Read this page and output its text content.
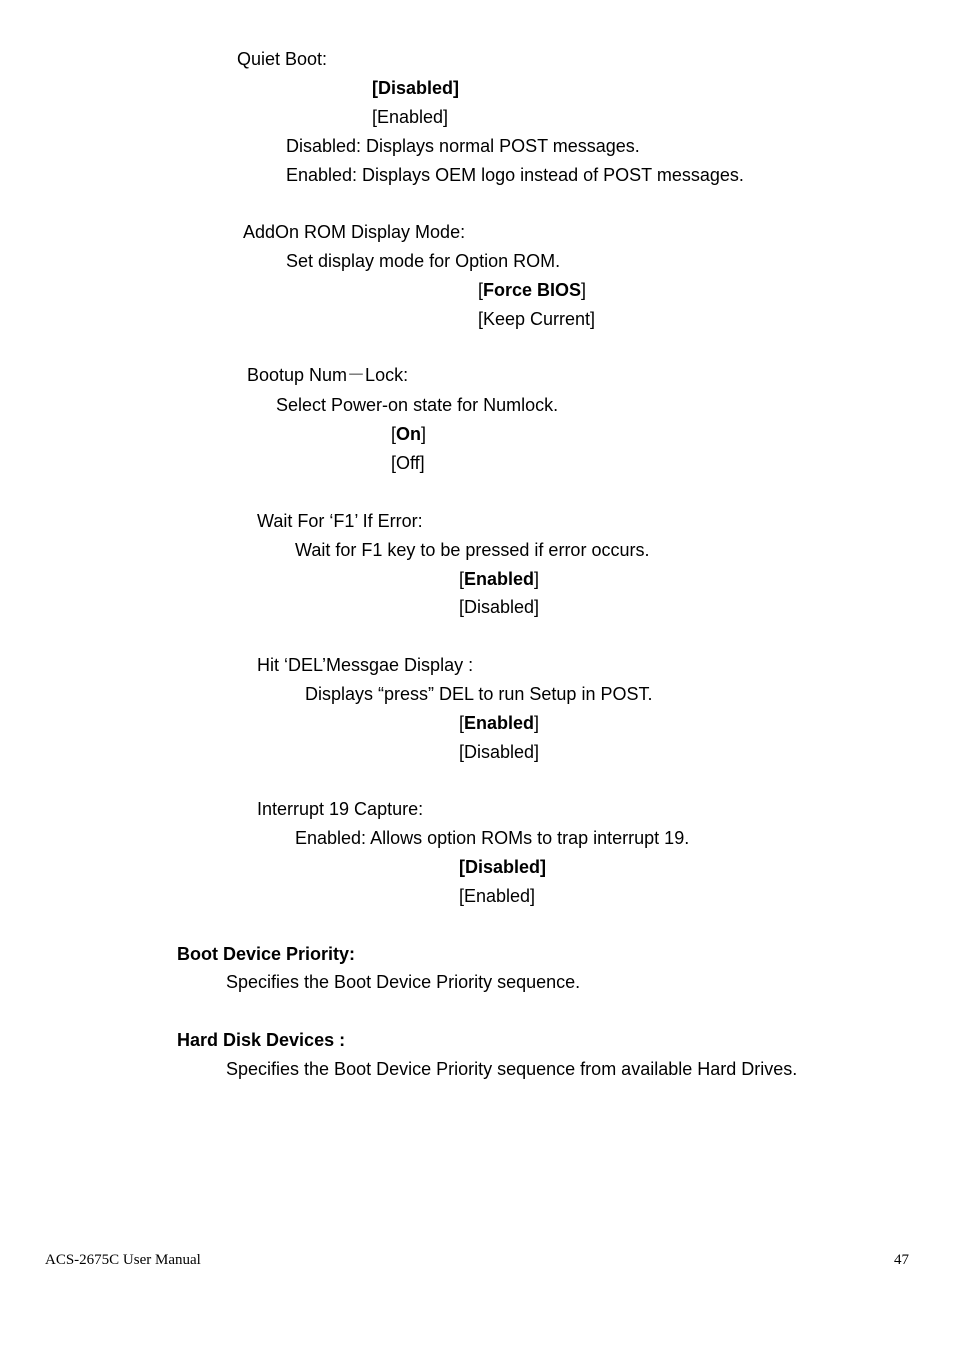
Quiet Boot:
[Disabled]
[Enabled]
Disabled: Displays normal POST messages.
Enabled: Displays OEM logo instead of POST messages.
AddOn ROM Display Mode:
Set display mode for Option ROM.
[Force BIOS]
[Keep Current]
Bootup Num－Lock:
Select Power-on state for Numlock.
[On]
[Off]
Wait For ‘F1’ If Error:
Wait for F1 key to be pressed if error occurs.
[Enabled]
[Disabled]
Hit ‘DEL’Messgae Display :
Displays “press” DEL to run Setup in POST.
[Enabled]
[Disabled]
Interrupt 19 Capture:
Enabled: Allows option ROMs to trap interrupt 19.
[Disabled]
[Enabled]
Boot Device Priority:
Specifies the Boot Device Priority sequence.
Hard Disk Devices :
Specifies the Boot Device Priority sequence from available Hard Drives.
ACS-2675C User Manual	47
